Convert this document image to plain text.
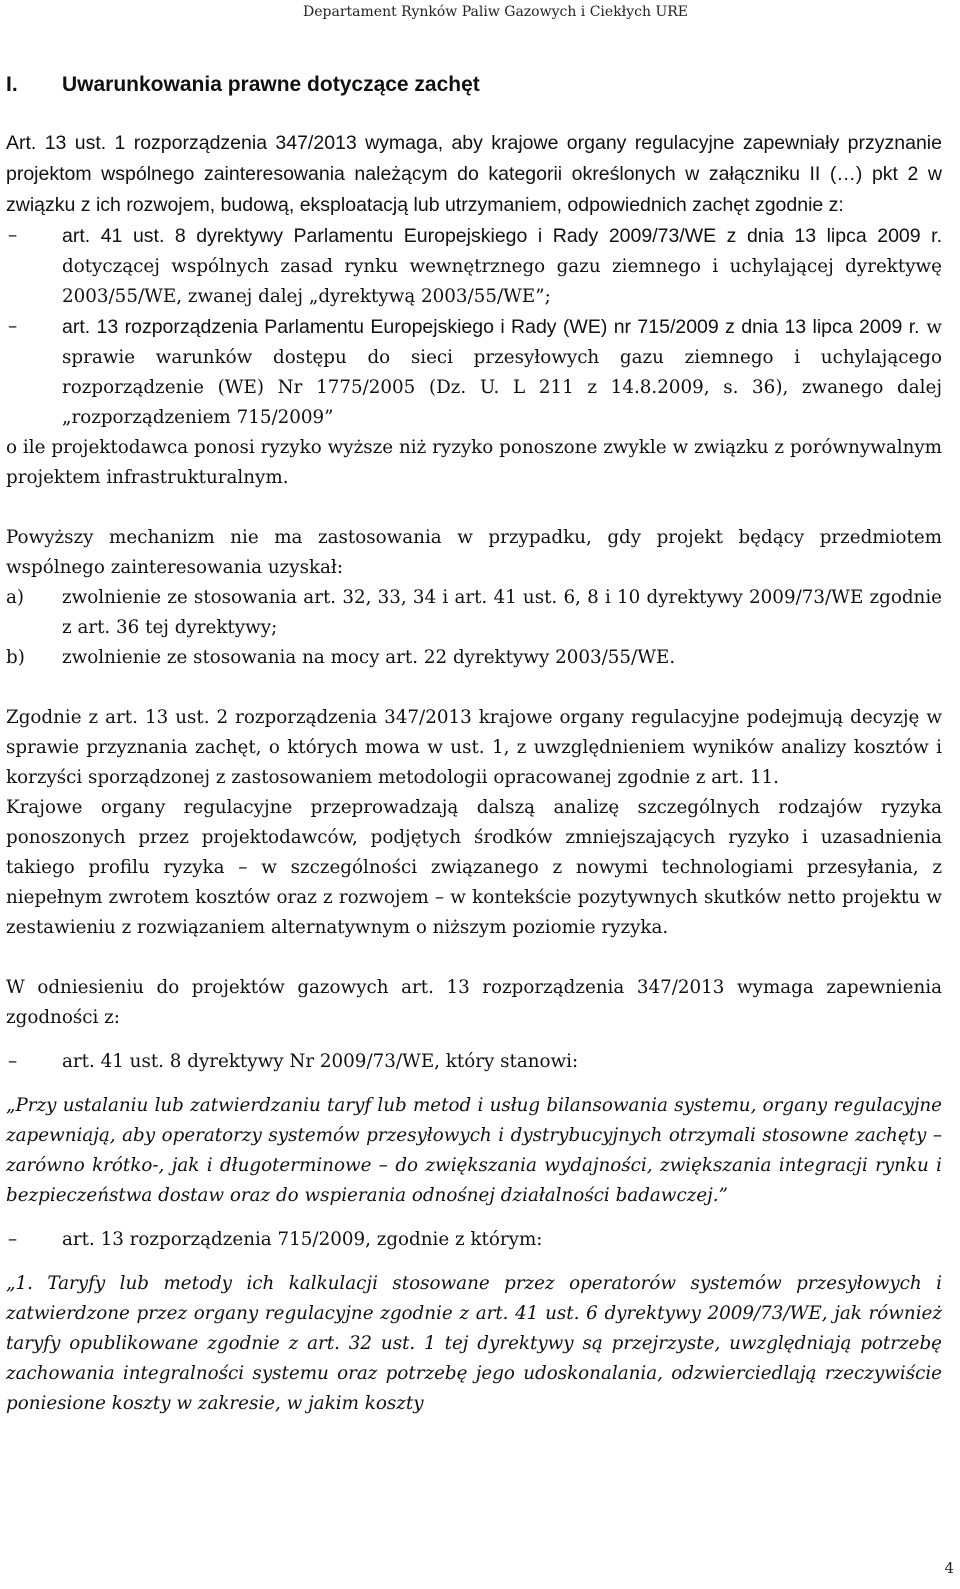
Departament Rynków Paliw Gazowych i Ciekłych URE
I. Uwarunkowania prawne dotyczące zachęt

Art. 13 ust. 1 rozporządzenia 347/2013 wymaga, aby krajowe organy regulacyjne zapewniały przyznanie projektom wspólnego zainteresowania należącym do kategorii określonych w załączniku II (…) pkt 2 w związku z ich rozwojem, budową, eksploatacją lub utrzymaniem, odpowiednich zachęt zgodnie z:

– art. 41 ust. 8 dyrektywy Parlamentu Europejskiego i Rady 2009/73/WE z dnia 13 lipca 2009 r. dotyczącej wspólnych zasad rynku wewnętrznego gazu ziemnego i uchylającej dyrektywę 2003/55/WE, zwanej dalej „dyrektywą 2003/55/WE”;
– art. 13 rozporządzenia Parlamentu Europejskiego i Rady (WE) nr 715/2009 z dnia 13 lipca 2009 r. w sprawie warunków dostępu do sieci przesyłowych gazu ziemnego i uchylającego rozporządzenie (WE) Nr 1775/2005 (Dz. U. L 211 z 14.8.2009, s. 36), zwanego dalej „rozporządzeniem 715/2009”

o ile projektodawca ponosi ryzyko wyższe niż ryzyko ponoszone zwykle w związku z porównywalnym projektem infrastrukturalnym.

Powyższy mechanizm nie ma zastosowania w przypadku, gdy projekt będący przedmiotem wspólnego zainteresowania uzyskał:

a) zwolnienie ze stosowania art. 32, 33, 34 i art. 41 ust. 6, 8 i 10 dyrektywy 2009/73/WE zgodnie z art. 36 tej dyrektywy;
b) zwolnienie ze stosowania na mocy art. 22 dyrektywy 2003/55/WE.

Zgodnie z art. 13 ust. 2 rozporządzenia 347/2013 krajowe organy regulacyjne podejmują decyzję w sprawie przyznania zachęt, o których mowa w ust. 1, z uwzględnieniem wyników analizy kosztów i korzyści sporządzonej z zastosowaniem metodologii opracowanej zgodnie z art. 11.

Krajowe organy regulacyjne przeprowadzają dalszą analizę szczególnych rodzajów ryzyka ponoszonych przez projektodawców, podjętych środków zmniejszających ryzyko i uzasadnienia takiego profilu ryzyka – w szczególności związanego z nowymi technologiami przesyłania, z niepełnym zwrotem kosztów oraz z rozwojem – w kontekście pozytywnych skutków netto projektu w zestawieniu z rozwiązaniem alternatywnym o niższym poziomie ryzyka.

W odniesieniu do projektów gazowych art. 13 rozporządzenia 347/2013 wymaga zapewnienia zgodności z:

– art. 41 ust. 8 dyrektywy Nr 2009/73/WE, który stanowi:

„Przy ustalaniu lub zatwierdzaniu taryf lub metod i usług bilansowania systemu, organy regulacyjne zapewniają, aby operatorzy systemów przesyłowych i dystrybucyjnych otrzymali stosowne zachęty – zarówno krótko-, jak i długoterminowe – do zwiększania wydajności, zwiększania integracji rynku i bezpieczeństwa dostaw oraz do wspierania odnośnej działalności badawczej.”

– art. 13 rozporządzenia 715/2009, zgodnie z którym:

„1. Taryfy lub metody ich kalkulacji stosowane przez operatorów systemów przesyłowych i zatwierdzone przez organy regulacyjne zgodnie z art. 41 ust. 6 dyrektywy 2009/73/WE, jak również taryfy opublikowane zgodnie z art. 32 ust. 1 tej dyrektywy są przejrzyste, uwzględniają potrzebę zachowania integralności systemu oraz potrzebę jego udoskonalania, odzwierciedlają rzeczywiście poniesione koszty w zakresie, w jakim koszty

4
